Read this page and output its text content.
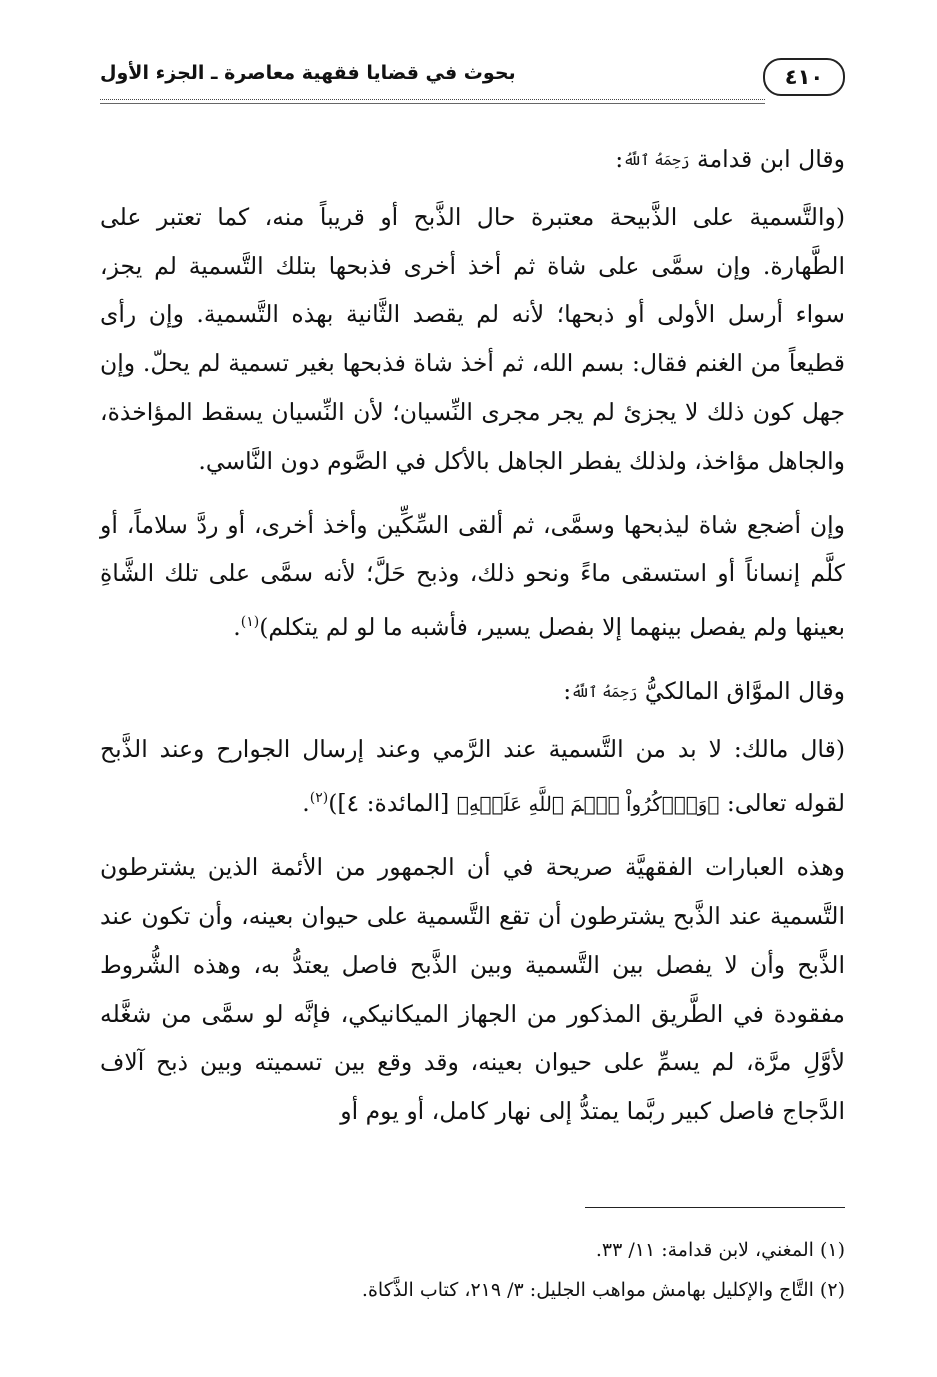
٤١٠
بحوث في قضايا فقهية معاصرة ـ الجزء الأول

وقال ابن قدامة رَحِمَهُ ٱللَّهُ:

(والتَّسمية على الذَّبيحة معتبرة حال الذَّبح أو قريباً منه، كما تعتبر على الطَّهارة. وإن سمَّى على شاة ثم أخذ أخرى فذبحها بتلك التَّسمية لم يجز، سواء أرسل الأولى أو ذبحها؛ لأنه لم يقصد الثَّانية بهذه التَّسمية. وإن رأى قطيعاً من الغنم فقال: بسم الله، ثم أخذ شاة فذبحها بغير تسمية لم يحلّ. وإن جهل كون ذلك لا يجزئ لم يجر مجرى النِّسيان؛ لأن النِّسيان يسقط المؤاخذة، والجاهل مؤاخذ، ولذلك يفطر الجاهل بالأكل في الصَّوم دون النَّاسي.

وإن أضجع شاة ليذبحها وسمَّى، ثم ألقى السِّكِّين وأخذ أخرى، أو ردَّ سلاماً، أو كلَّم إنساناً أو استسقى ماءً ونحو ذلك، وذبح حَلَّ؛ لأنه سمَّى على تلك الشَّاةِ بعينها ولم يفصل بينهما إلا بفصل يسير، فأشبه ما لو لم يتكلم)$^{(١)}$.

وقال الموَّاق المالكيُّ رَحِمَهُ ٱللَّهُ:

(قال مالك: لا بد من التَّسمية عند الرَّمي وعند إرسال الجوارح وعند الذَّبح لقوله تعالى: ﴿وَٱذۡكُرُواْ ٱسۡمَ ٱللَّهِ عَلَيۡهِ﴾ [المائدة: ٤])$^{(٢)}$.

وهذه العبارات الفقهيَّة صريحة في أن الجمهور من الأئمة الذين يشترطون التَّسمية عند الذَّبح يشترطون أن تقع التَّسمية على حيوان بعينه، وأن تكون عند الذَّبح وأن لا يفصل بين التَّسمية وبين الذَّبح فاصل يعتدُّ به، وهذه الشُّروط مفقودة في الطَّريق المذكور من الجهاز الميكانيكي، فإنَّه لو سمَّى من شغَّله لأوَّلِ مرَّة، لم يسمِّ على حيوان بعينه، وقد وقع بين تسميته وبين ذبح آلاف الدَّجاج فاصل كبير ربَّما يمتدُّ إلى نهار كامل، أو يوم أو

(١) المغني، لابن قدامة: ١١/ ٣٣.
(٢) التَّاج والإكليل بهامش مواهب الجليل: ٣/ ٢١٩، كتاب الذَّكاة.
